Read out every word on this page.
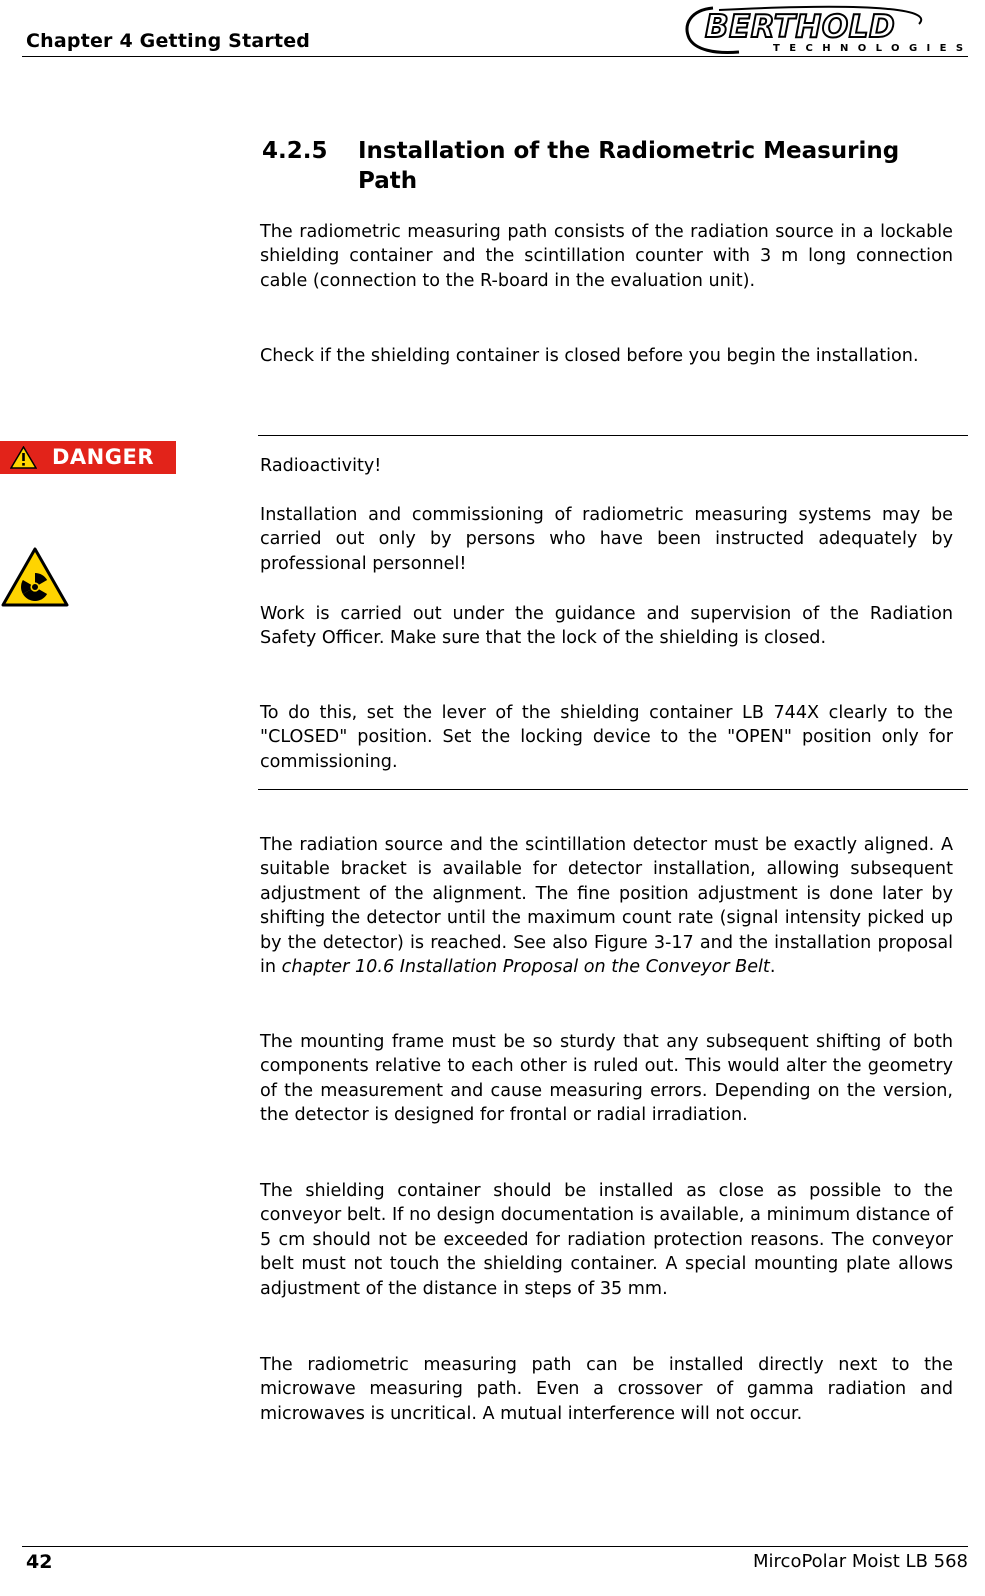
Chapter 4 Getting Started	BERTHOLD
TECHNOLOGIES
4.2.5 Installation of the Radiometric Measuring Path

The radiometric measuring path consists of the radiation source in a lockable shielding container and the scintillation counter with 3 m long connection cable (connection to the R-board in the evaluation unit).

Check if the shielding container is closed before you begin the installation.

DANGER	Radioactivity!

Installation and commissioning of radiometric measuring systems may be carried out only by persons who have been instructed adequately by professional personnel!

Work is carried out under the guidance and supervision of the Radiation Safety Officer. Make sure that the lock of the shielding is closed.

To do this, set the lever of the shielding container LB 744X clearly to the "CLOSED" position. Set the locking device to the "OPEN" position only for commissioning.

The radiation source and the scintillation detector must be exactly aligned. A suitable bracket is available for detector installation, allowing subsequent adjustment of the alignment. The fine position adjustment is done later by shifting the detector until the maximum count rate (signal intensity picked up by the detector) is reached. See also Figure 3-17 and the installation proposal in chapter 10.6 Installation Proposal on the Conveyor Belt.

The mounting frame must be so sturdy that any subsequent shifting of both components relative to each other is ruled out. This would alter the geometry of the measurement and cause measuring errors. Depending on the version, the detector is designed for frontal or radial irradiation.

The shielding container should be installed as close as possible to the conveyor belt. If no design documentation is available, a minimum distance of 5 cm should not be exceeded for radiation protection reasons. The conveyor belt must not touch the shielding container. A special mounting plate allows adjustment of the distance in steps of 35 mm.

The radiometric measuring path can be installed directly next to the microwave measuring path. Even a crossover of gamma radiation and microwaves is uncritical. A mutual interference will not occur.

42	MircoPolar Moist LB 568
